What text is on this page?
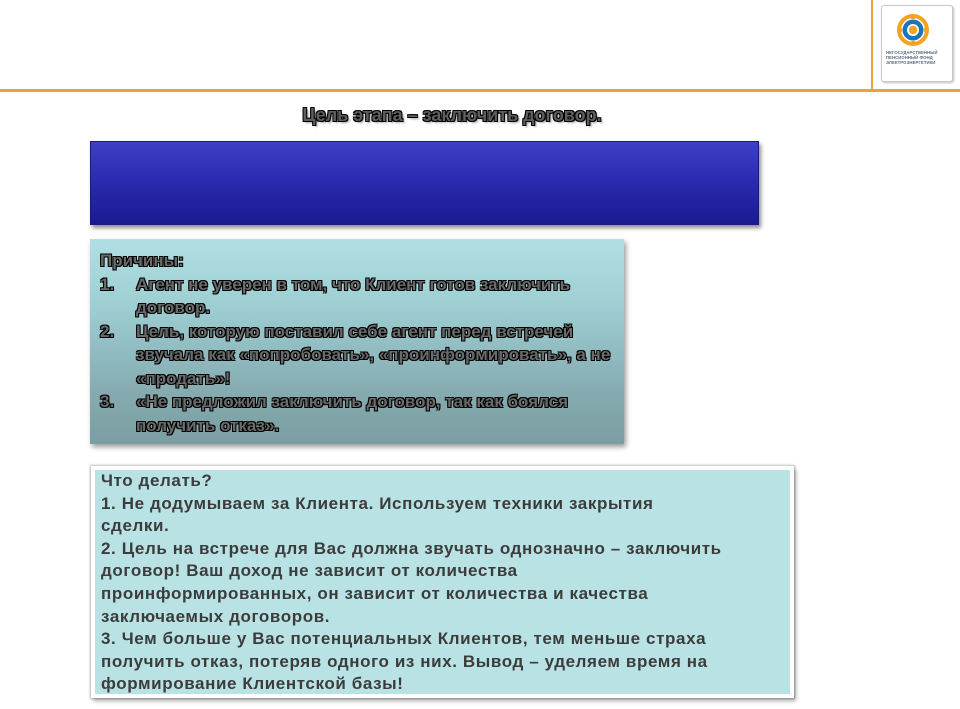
НЕГОСУДАРСТВЕННЫЙ
ПЕНСИОННЫЙ ФОНД
ЭЛЕКТРОЭНЕРГЕТИКИ
Цель этапа – заключить договор.
Причины:
1.	Агент не уверен в том, что Клиент готов заключить договор.
2.	Цель, которую поставил себе агент перед встречей звучала как «попробовать», «проинформировать», а не «продать»!
3.	«Не предложил заключить договор, так как боялся получить отказ».
Что делать?
1. Не додумываем за Клиента. Используем техники закрытия
сделки.
2. Цель на встрече для Вас должна звучать однозначно – заключить
договор! Ваш доход не зависит от количества
проинформированных, он зависит от количества и качества
заключаемых договоров.
3. Чем больше у Вас потенциальных Клиентов, тем меньше страха
получить отказ, потеряв одного из них. Вывод – уделяем время на
формирование Клиентской базы!
